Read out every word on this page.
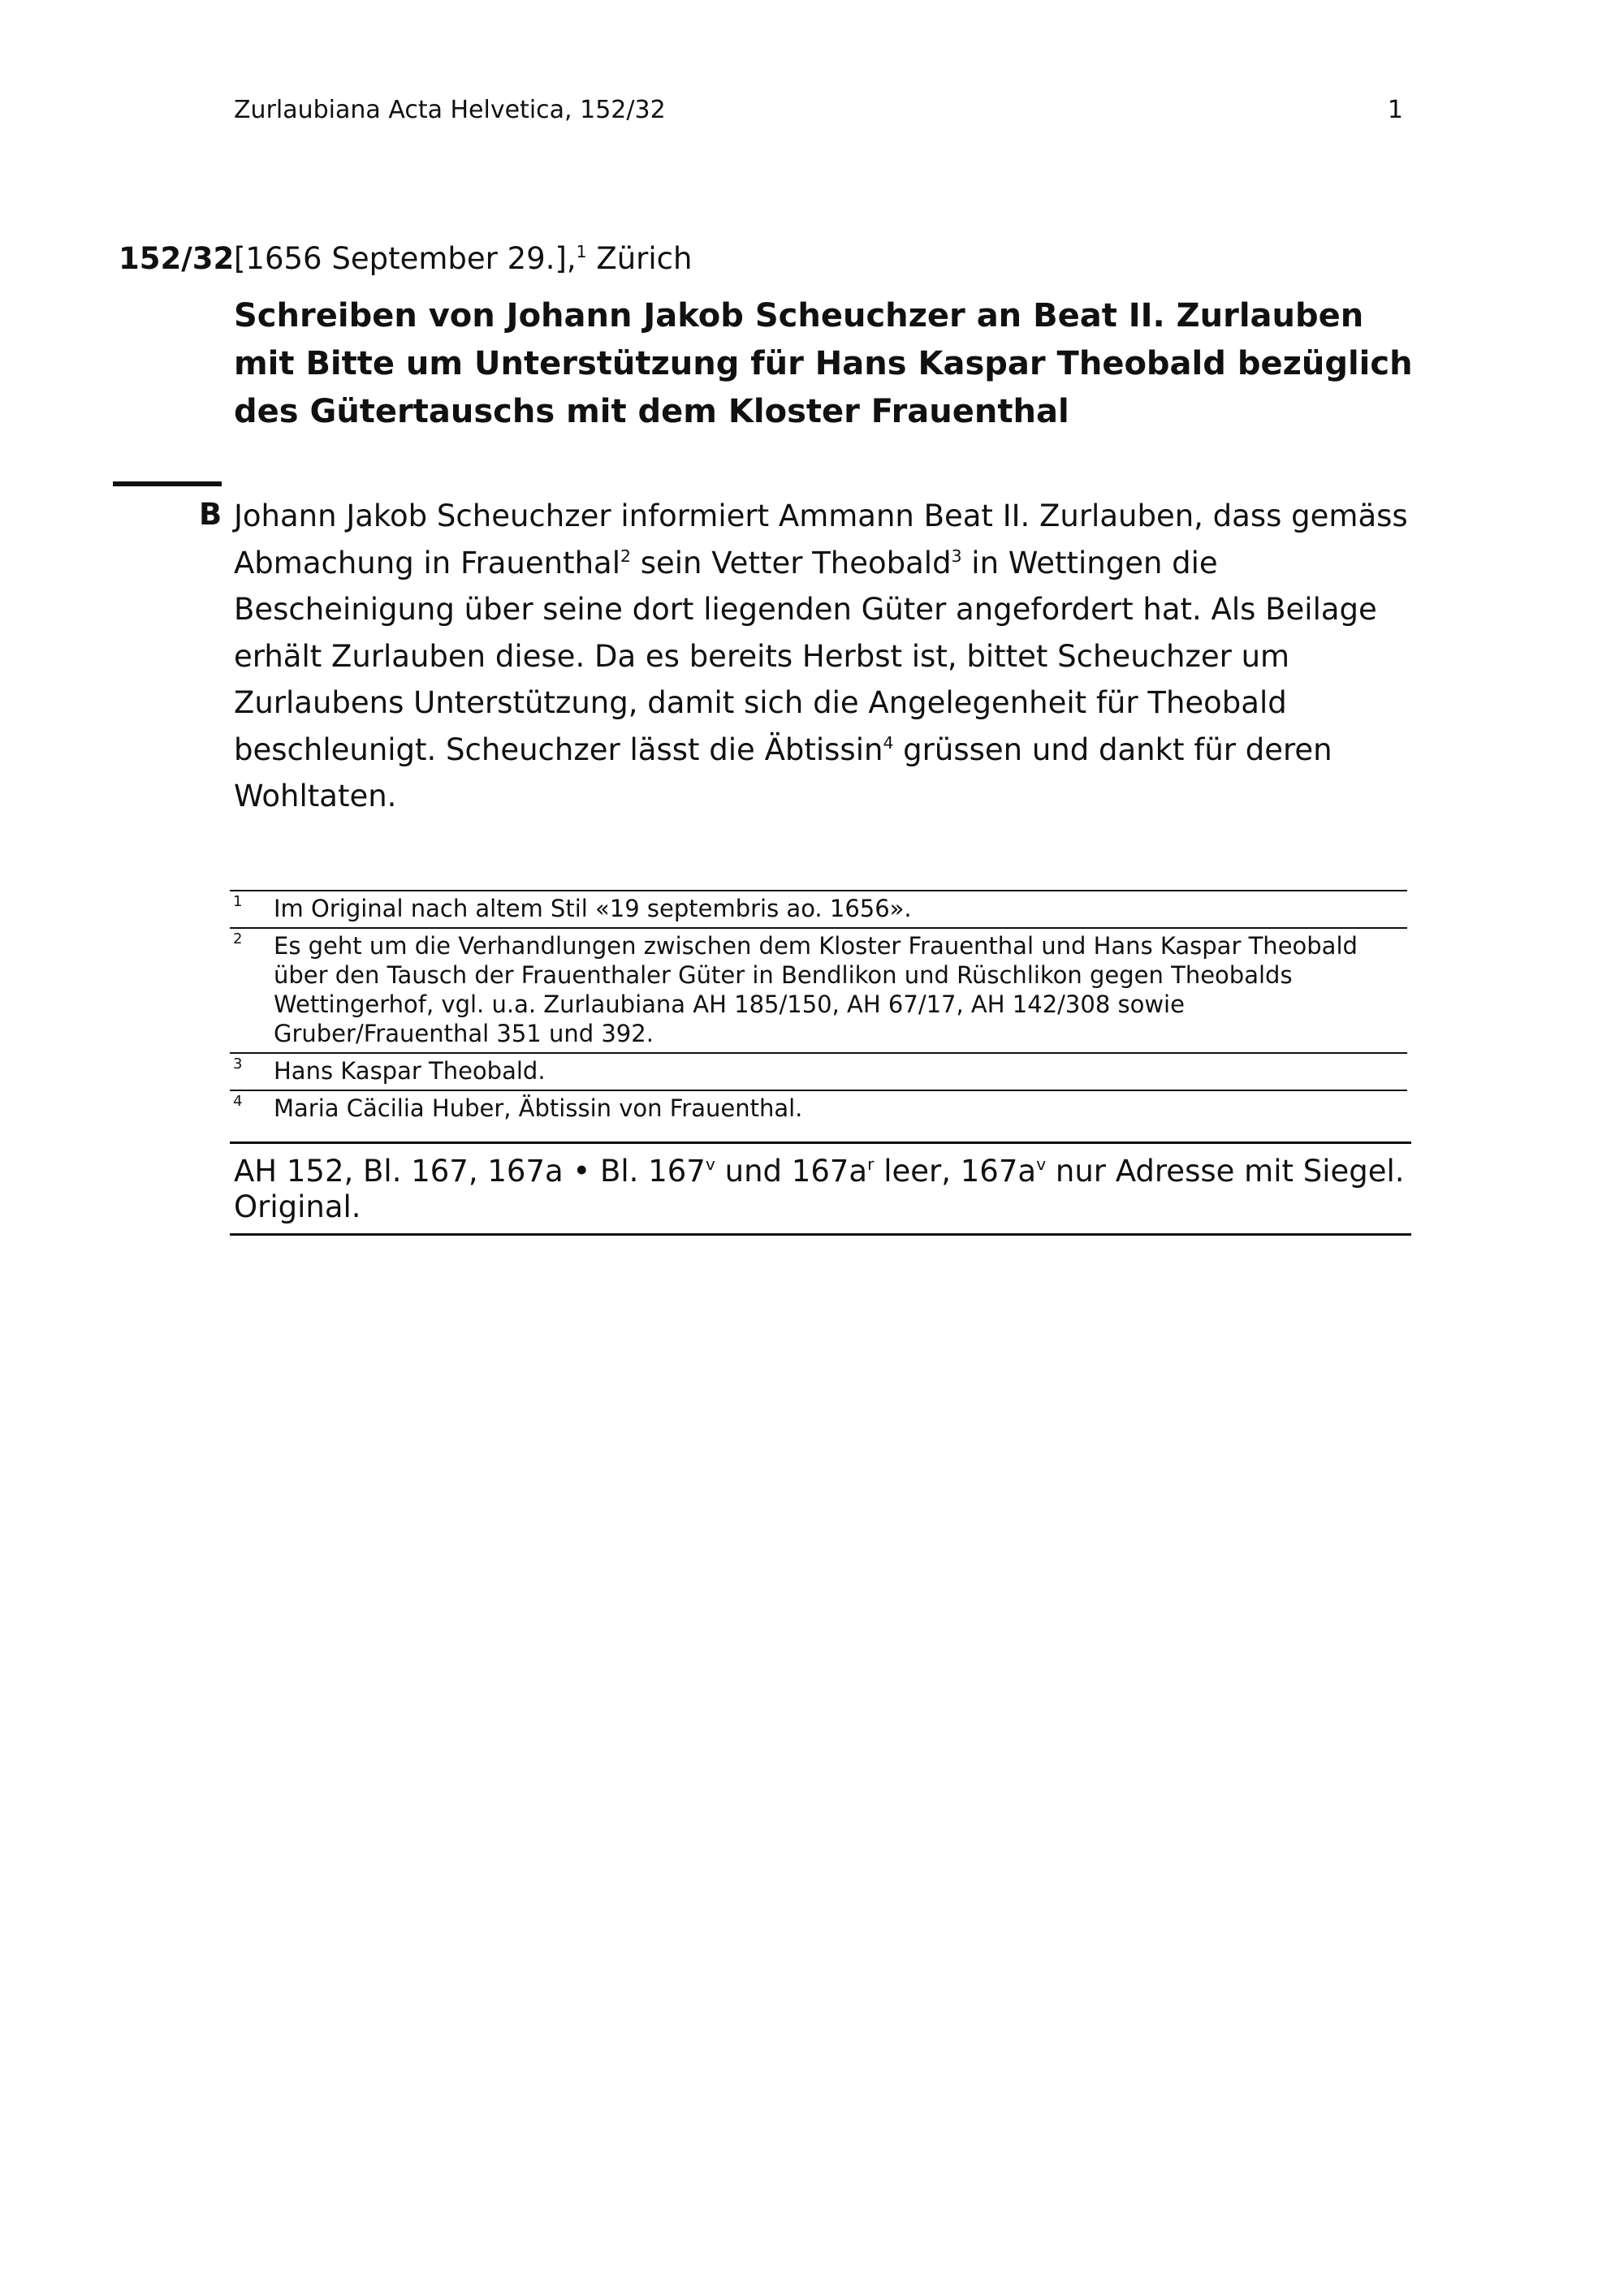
Zurlaubiana Acta Helvetica, 152/32	1
152/32 [1656 September 29.],$^1$ Zürich
Schreiben von Johann Jakob Scheuchzer an Beat II. Zurlauben mit Bitte um Unterstützung für Hans Kaspar Theobald bezüglich des Gütertauschs mit dem Kloster Frauenthal
B Johann Jakob Scheuchzer informiert Ammann Beat II. Zurlauben, dass gemäss Abmachung in Frauenthal$^2$ sein Vetter Theobald$^3$ in Wettingen die Bescheinigung über seine dort liegenden Güter angefordert hat. Als Beilage erhält Zurlauben diese. Da es bereits Herbst ist, bittet Scheuchzer um Zurlaubens Unterstützung, damit sich die Angelegenheit für Theobald beschleunigt. Scheuchzer lässt die Äbtissin$^4$ grüssen und dankt für deren Wohltaten.

1 Im Original nach altem Stil «19 septembris ao. 1656».
2 Es geht um die Verhandlungen zwischen dem Kloster Frauenthal und Hans Kaspar Theobald über den Tausch der Frauenthaler Güter in Bendlikon und Rüschlikon gegen Theobalds Wettingerhof, vgl. u.a. Zurlaubiana AH 185/150, AH 67/17, AH 142/308 sowie Gruber/Frauenthal 351 und 392.
3 Hans Kaspar Theobald.
4 Maria Cäcilia Huber, Äbtissin von Frauenthal.
AH 152, Bl. 167, 167a • Bl. 167$^v$ und $167a^r$ leer, $167a^v$ nur Adresse mit Siegel. Original.
